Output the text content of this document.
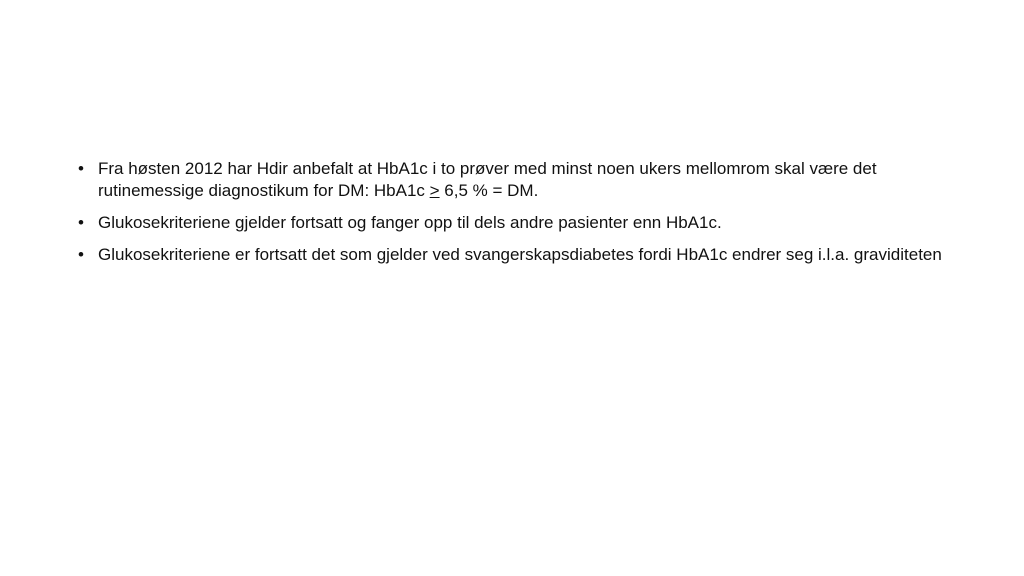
• Fra høsten 2012 har Hdir anbefalt at HbA1c i to prøver med minst noen ukers mellomrom skal være det rutinemessige diagnostikum for DM: HbA1c ≥ 6,5 % = DM.
• Glukosekriteriene gjelder fortsatt og fanger opp til dels andre pasienter enn HbA1c.
• Glukosekriteriene er fortsatt det som gjelder ved svangerskapsdiabetes fordi HbA1c endrer seg i.l.a. graviditeten
